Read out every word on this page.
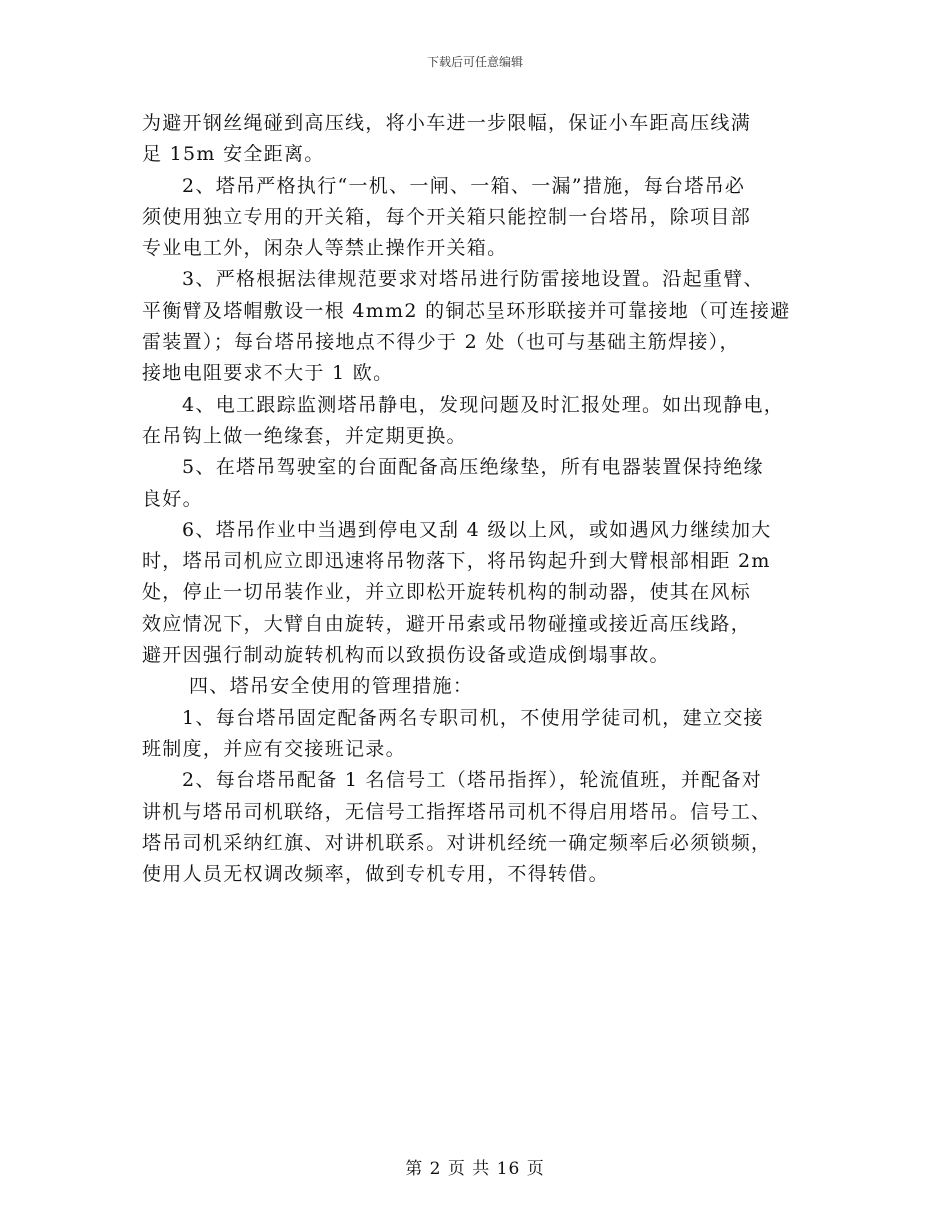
下载后可任意编辑
为避开钢丝绳碰到高压线，将小车进一步限幅，保证小车距高压线满
足 15m 安全距离。
2、塔吊严格执行“一机、一闸、一箱、一漏”措施，每台塔吊必
须使用独立专用的开关箱，每个开关箱只能控制一台塔吊，除项目部
专业电工外，闲杂人等禁止操作开关箱。
3、严格根据法律规范要求对塔吊进行防雷接地设置。沿起重臂、
平衡臂及塔帽敷设一根 4mm2 的铜芯呈环形联接并可靠接地（可连接避
雷装置）；每台塔吊接地点不得少于 2 处（也可与基础主筋焊接），
接地电阻要求不大于 1 欧。
4、电工跟踪监测塔吊静电，发现问题及时汇报处理。如出现静电，
在吊钩上做一绝缘套，并定期更换。
5、在塔吊驾驶室的台面配备高压绝缘垫，所有电器装置保持绝缘
良好。
6、塔吊作业中当遇到停电又刮 4 级以上风，或如遇风力继续加大
时，塔吊司机应立即迅速将吊物落下，将吊钩起升到大臂根部相距 2m
处，停止一切吊装作业，并立即松开旋转机构的制动器，使其在风标
效应情况下，大臂自由旋转，避开吊索或吊物碰撞或接近高压线路，
避开因强行制动旋转机构而以致损伤设备或造成倒塌事故。
四、塔吊安全使用的管理措施：
1、每台塔吊固定配备两名专职司机，不使用学徒司机，建立交接
班制度，并应有交接班记录。
2、每台塔吊配备 1 名信号工（塔吊指挥），轮流值班，并配备对
讲机与塔吊司机联络，无信号工指挥塔吊司机不得启用塔吊。信号工、
塔吊司机采纳红旗、对讲机联系。对讲机经统一确定频率后必须锁频，
使用人员无权调改频率，做到专机专用，不得转借。
第 2 页 共 16 页
